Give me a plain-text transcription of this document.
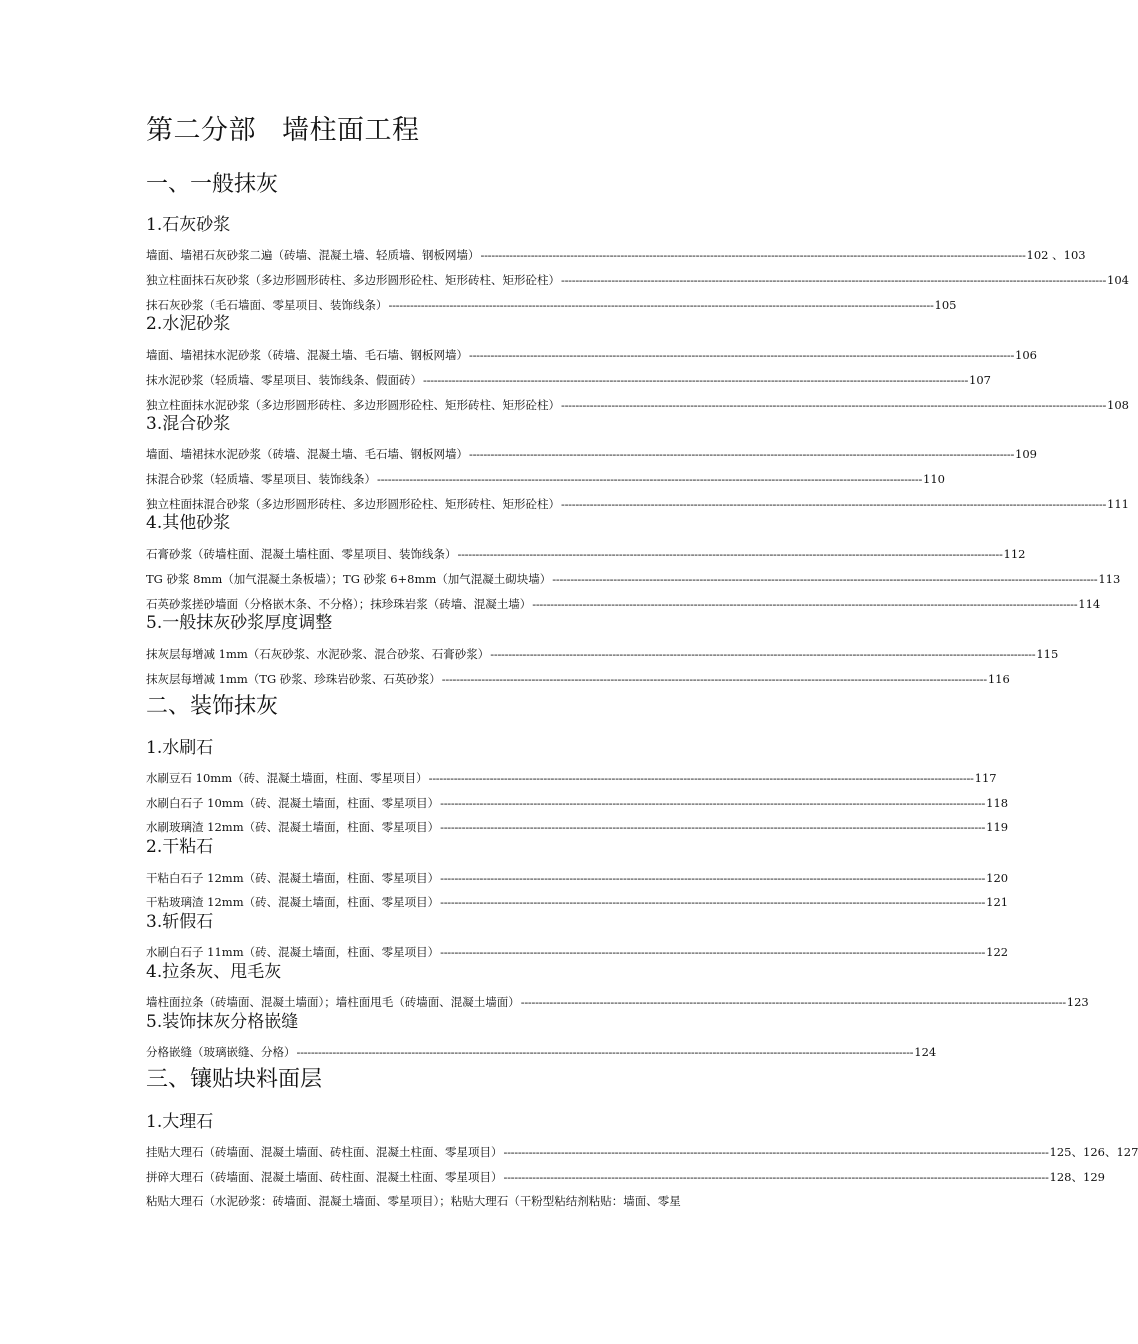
第二分部 墙柱面工程
一、一般抹灰
1.石灰砂浆
墙面、墙裙石灰砂浆二遍（砖墙、混凝土墙、轻质墙、钢板网墙） -------------------------------------------------------------------------------------------------------------------------------------------------------- 102 、103
独立柱面抹石灰砂浆（多边形圆形砖柱、多边形圆形砼柱、矩形砖柱、矩形砼柱） -------------------------------------------------------------------------------------------------------------------------------------------------------- 104
抹石灰砂浆（毛石墙面、零星项目、装饰线条） -------------------------------------------------------------------------------------------------------------------------------------------------------- 105
2.水泥砂浆
墙面、墙裙抹水泥砂浆（砖墙、混凝土墙、毛石墙、钢板网墙） -------------------------------------------------------------------------------------------------------------------------------------------------------- 106
抹水泥砂浆（轻质墙、零星项目、装饰线条、假面砖） -------------------------------------------------------------------------------------------------------------------------------------------------------- 107
独立柱面抹水泥砂浆（多边形圆形砖柱、多边形圆形砼柱、矩形砖柱、矩形砼柱） -------------------------------------------------------------------------------------------------------------------------------------------------------- 108
3.混合砂浆
墙面、墙裙抹水泥砂浆（砖墙、混凝土墙、毛石墙、钢板网墙） -------------------------------------------------------------------------------------------------------------------------------------------------------- 109
抹混合砂浆（轻质墙、零星项目、装饰线条） -------------------------------------------------------------------------------------------------------------------------------------------------------- 110
独立柱面抹混合砂浆（多边形圆形砖柱、多边形圆形砼柱、矩形砖柱、矩形砼柱） -------------------------------------------------------------------------------------------------------------------------------------------------------- 111
4.其他砂浆
石膏砂浆（砖墙柱面、混凝土墙柱面、零星项目、装饰线条） -------------------------------------------------------------------------------------------------------------------------------------------------------- 112
TG 砂浆 8mm（加气混凝土条板墙）；TG 砂浆 6+8mm（加气混凝土砌块墙） -------------------------------------------------------------------------------------------------------------------------------------------------------- 113
石英砂浆搓砂墙面（分格嵌木条、不分格）；抹珍珠岩浆（砖墙、混凝土墙） -------------------------------------------------------------------------------------------------------------------------------------------------------- 114
5.一般抹灰砂浆厚度调整
抹灰层每增减 1mm（石灰砂浆、水泥砂浆、混合砂浆、石膏砂浆） -------------------------------------------------------------------------------------------------------------------------------------------------------- 115
抹灰层每增减 1mm（TG 砂浆、珍珠岩砂浆、石英砂浆） -------------------------------------------------------------------------------------------------------------------------------------------------------- 116
二、装饰抹灰
1.水刷石
水刷豆石 10mm（砖、混凝土墙面，柱面、零星项目） -------------------------------------------------------------------------------------------------------------------------------------------------------- 117
水刷白石子 10mm（砖、混凝土墙面，柱面、零星项目） -------------------------------------------------------------------------------------------------------------------------------------------------------- 118
水刷玻璃渣 12mm（砖、混凝土墙面，柱面、零星项目） -------------------------------------------------------------------------------------------------------------------------------------------------------- 119
2.干粘石
干粘白石子 12mm（砖、混凝土墙面，柱面、零星项目） -------------------------------------------------------------------------------------------------------------------------------------------------------- 120
干粘玻璃渣 12mm（砖、混凝土墙面，柱面、零星项目） -------------------------------------------------------------------------------------------------------------------------------------------------------- 121
3.斩假石
水刷白石子 11mm（砖、混凝土墙面，柱面、零星项目） -------------------------------------------------------------------------------------------------------------------------------------------------------- 122
4.拉条灰、甩毛灰
墙柱面拉条（砖墙面、混凝土墙面）；墙柱面甩毛（砖墙面、混凝土墙面） -------------------------------------------------------------------------------------------------------------------------------------------------------- 123
5.装饰抹灰分格嵌缝
分格嵌缝（玻璃嵌缝、分格） ---------------------------------------------------------------------------------------------------------------------------------------------------------------------------- 124
三、镶贴块料面层
1.大理石
挂贴大理石（砖墙面、混凝土墙面、砖柱面、混凝土柱面、零星项目） -------------------------------------------------------------------------------------------------------------------------------------------------------- 125、126、127
拼碎大理石（砖墙面、混凝土墙面、砖柱面、混凝土柱面、零星项目） -------------------------------------------------------------------------------------------------------------------------------------------------------- 128、129
粘贴大理石（水泥砂浆：砖墙面、混凝土墙面、零星项目）；粘贴大理石（干粉型粘结剂粘贴：墙面、零星
